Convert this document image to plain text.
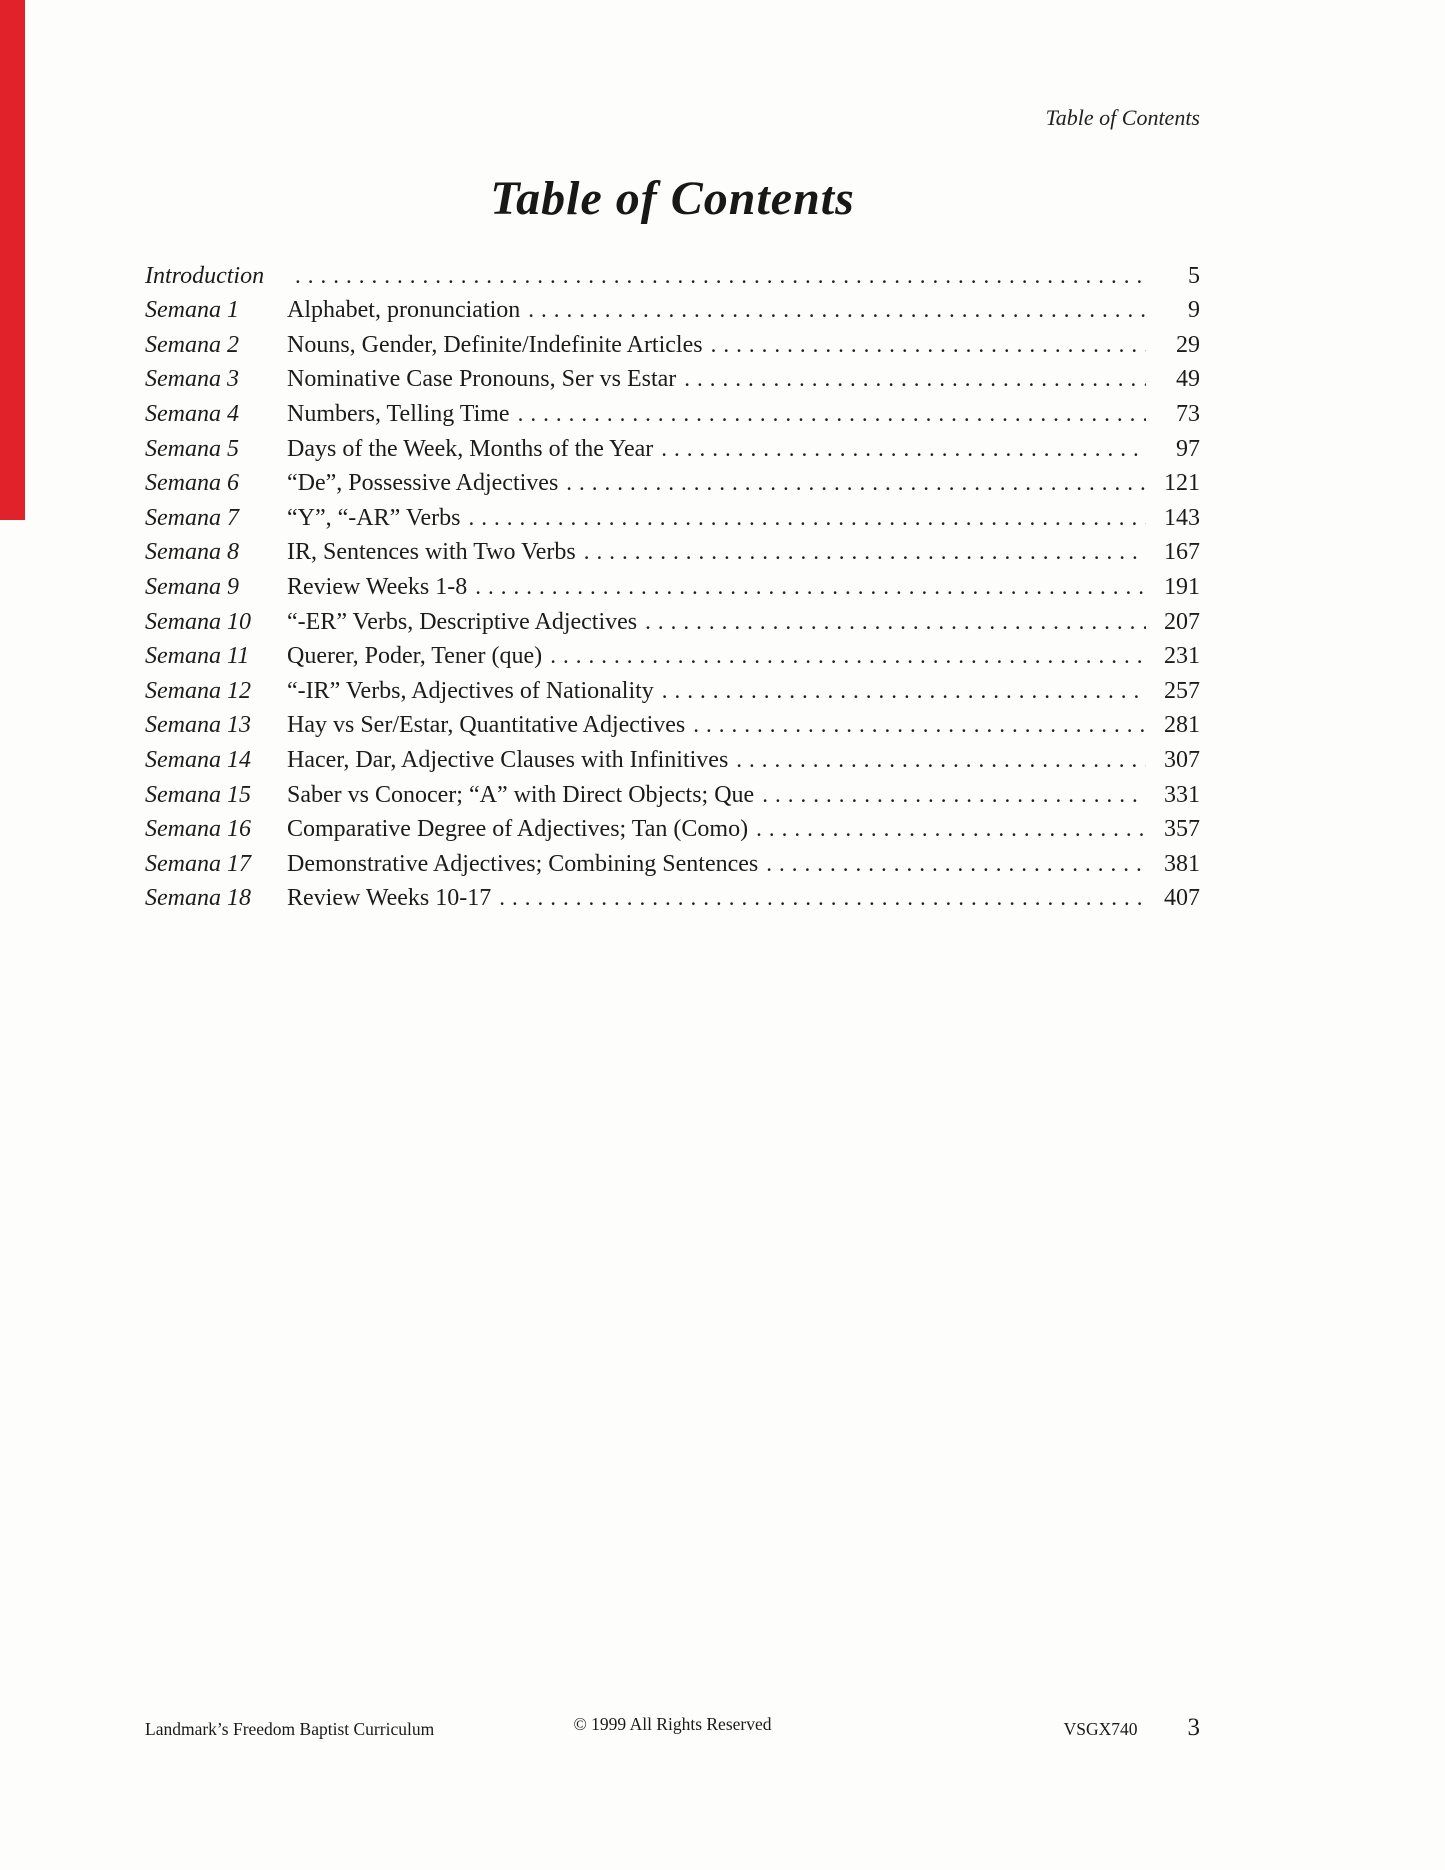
Table of Contents
Table of Contents
Introduction .....	5
Semana 1	Alphabet, pronunciation .....	9
Semana 2	Nouns, Gender, Definite/Indefinite Articles .....	29
Semana 3	Nominative Case Pronouns, Ser vs Estar .....	49
Semana 4	Numbers, Telling Time .....	73
Semana 5	Days of the Week, Months of the Year .....	97
Semana 6	“De”, Possessive Adjectives .....	121
Semana 7	“Y”, “-AR” Verbs .....	143
Semana 8	IR, Sentences with Two Verbs .....	167
Semana 9	Review Weeks 1-8 .....	191
Semana 10	“-ER” Verbs, Descriptive Adjectives .....	207
Semana 11	Querer, Poder, Tener (que) .....	231
Semana 12	“-IR” Verbs, Adjectives of Nationality .....	257
Semana 13	Hay vs Ser/Estar, Quantitative Adjectives .....	281
Semana 14	Hacer, Dar, Adjective Clauses with Infinitives .....	307
Semana 15	Saber vs Conocer; “A” with Direct Objects; Que .....	331
Semana 16	Comparative Degree of Adjectives; Tan (Como) .....	357
Semana 17	Demonstrative Adjectives; Combining Sentences .....	381
Semana 18	Review Weeks 10-17 .....	407
Landmark’s Freedom Baptist Curriculum	© 1999 All Rights Reserved	VSGX740 3
